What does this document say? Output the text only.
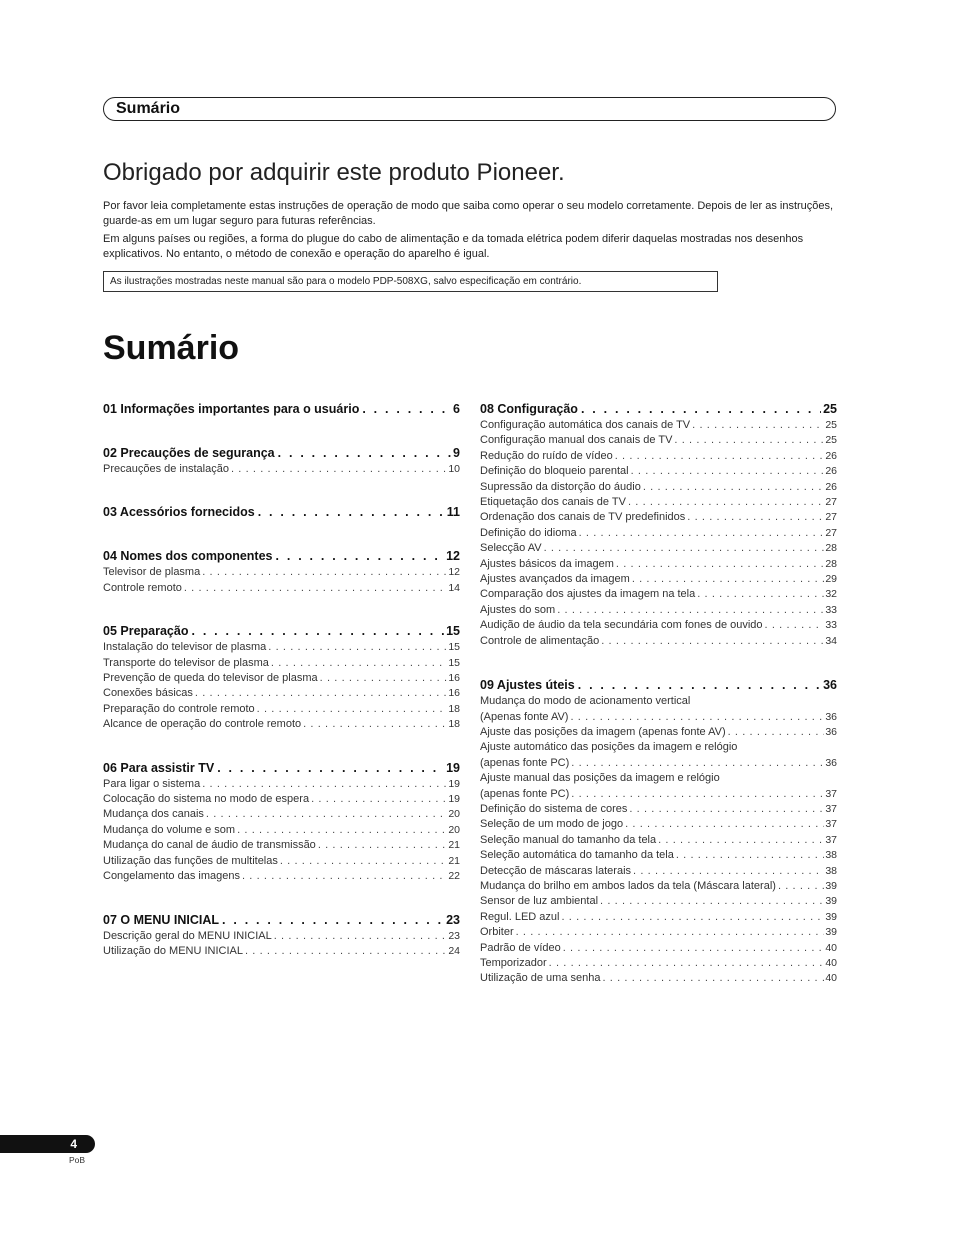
Sumário
Obrigado por adquirir este produto Pioneer.

Por favor leia completamente estas instruções de operação de modo que saiba como operar o seu modelo corretamente. Depois de ler as instruções, guarde-as em um lugar seguro para futuras referências.

Em alguns países ou regiões, a forma do plugue do cabo de alimentação e da tomada elétrica podem diferir daquelas mostradas nos desenhos explicativos. No entanto, o método de conexão e operação do aparelho é igual.

As ilustrações mostradas neste manual são para o modelo PDP-508XG, salvo especificação em contrário.
Sumário
01 Informações importantes para o usuário . . .	6
02 Precauções de segurança . . .	9
Precauções de instalação . . .	10
03 Acessórios fornecidos . . .	11
04 Nomes dos componentes . . .	12
Televisor de plasma . . .	12
Controle remoto . . .	14
05 Preparação . . .	15
Instalação do televisor de plasma . . .	15
Transporte do televisor de plasma . . .	15
Prevenção de queda do televisor de plasma . . .	16
Conexões básicas . . .	16
Preparação do controle remoto . . .	18
Alcance de operação do controle remoto . . .	18
06 Para assistir TV . . .	19
Para ligar o sistema . . .	19
Colocação do sistema no modo de espera . . .	19
Mudança dos canais . . .	20
Mudança do volume e som . . .	20
Mudança do canal de áudio de transmissão . . .	21
Utilização das funções de multitelas . . .	21
Congelamento das imagens . . .	22
07 O MENU INICIAL . . .	23
Descrição geral do MENU INICIAL . . .	23
Utilização do MENU INICIAL . . .	24
08 Configuração . . .	25
Configuração automática dos canais de TV . . .	25
Configuração manual dos canais de TV . . .	25
Redução do ruído de vídeo . . .	26
Definição do bloqueio parental . . .	26
Supressão da distorção do áudio . . .	26
Etiquetação dos canais de TV . . .	27
Ordenação dos canais de TV predefinidos . . .	27
Definição do idioma . . .	27
Selecção AV . . .	28
Ajustes básicos da imagem . . .	28
Ajustes avançados da imagem . . .	29
Comparação dos ajustes da imagem na tela . . .	32
Ajustes do som . . .	33
Audição de áudio da tela secundária com fones de ouvido . . .	33
Controle de alimentação . . .	34
09 Ajustes úteis . . .	36
Mudança do modo de acionamento vertical
(Apenas fonte AV) . . .	36
Ajuste das posições da imagem (apenas fonte AV) . . .	36
Ajuste automático das posições da imagem e relógio
(apenas fonte PC) . . .	36
Ajuste manual das posições da imagem e relógio
(apenas fonte PC) . . .	37
Definição do sistema de cores . . .	37
Seleção de um modo de jogo . . .	37
Seleção manual do tamanho da tela . . .	37
Seleção automática do tamanho da tela . . .	38
Detecção de máscaras laterais . . .	38
Mudança do brilho em ambos lados da tela (Máscara lateral) . . .	39
Sensor de luz ambiental . . .	39
Regul. LED azul . . .	39
Orbiter . . .	39
Padrão de vídeo . . .	40
Temporizador . . .	40
Utilização de uma senha . . .	40
4
PoB
